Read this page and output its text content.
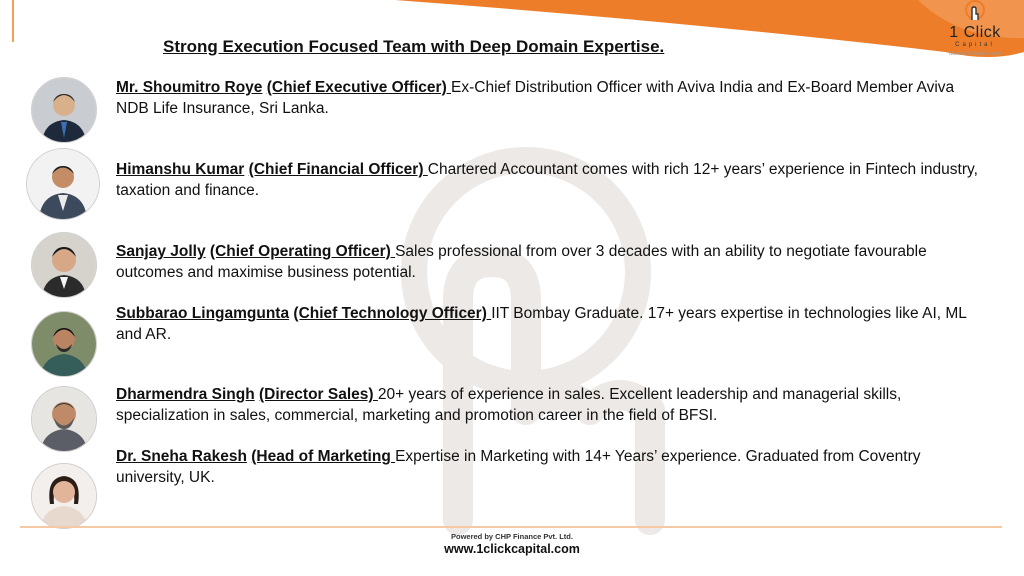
1 Click
Capital
Namasthe Aapke Saath
Strong Execution Focused Team with Deep Domain Expertise.
Mr. Shoumitro Roye (Chief Executive Officer) Ex-Chief Distribution Officer with Aviva India and Ex-Board Member Aviva NDB Life Insurance, Sri Lanka.
Himanshu Kumar (Chief Financial Officer) Chartered Accountant comes with rich 12+ years’ experience in Fintech industry, taxation and finance.
Sanjay Jolly (Chief Operating Officer) Sales professional from over 3 decades with an ability to negotiate favourable outcomes and maximise business potential.
Subbarao Lingamgunta (Chief Technology Officer) IIT Bombay Graduate. 17+ years expertise in technologies like AI, ML and AR.
Dharmendra Singh (Director Sales) 20+ years of experience in sales. Excellent leadership and managerial skills, specialization in sales, commercial, marketing and promotion career in the field of BFSI.
Dr. Sneha Rakesh (Head of Marketing Expertise in Marketing with 14+ Years’ experience. Graduated from Coventry university, UK.
Powered by CHP Finance Pvt. Ltd.
www.1clickcapital.com
